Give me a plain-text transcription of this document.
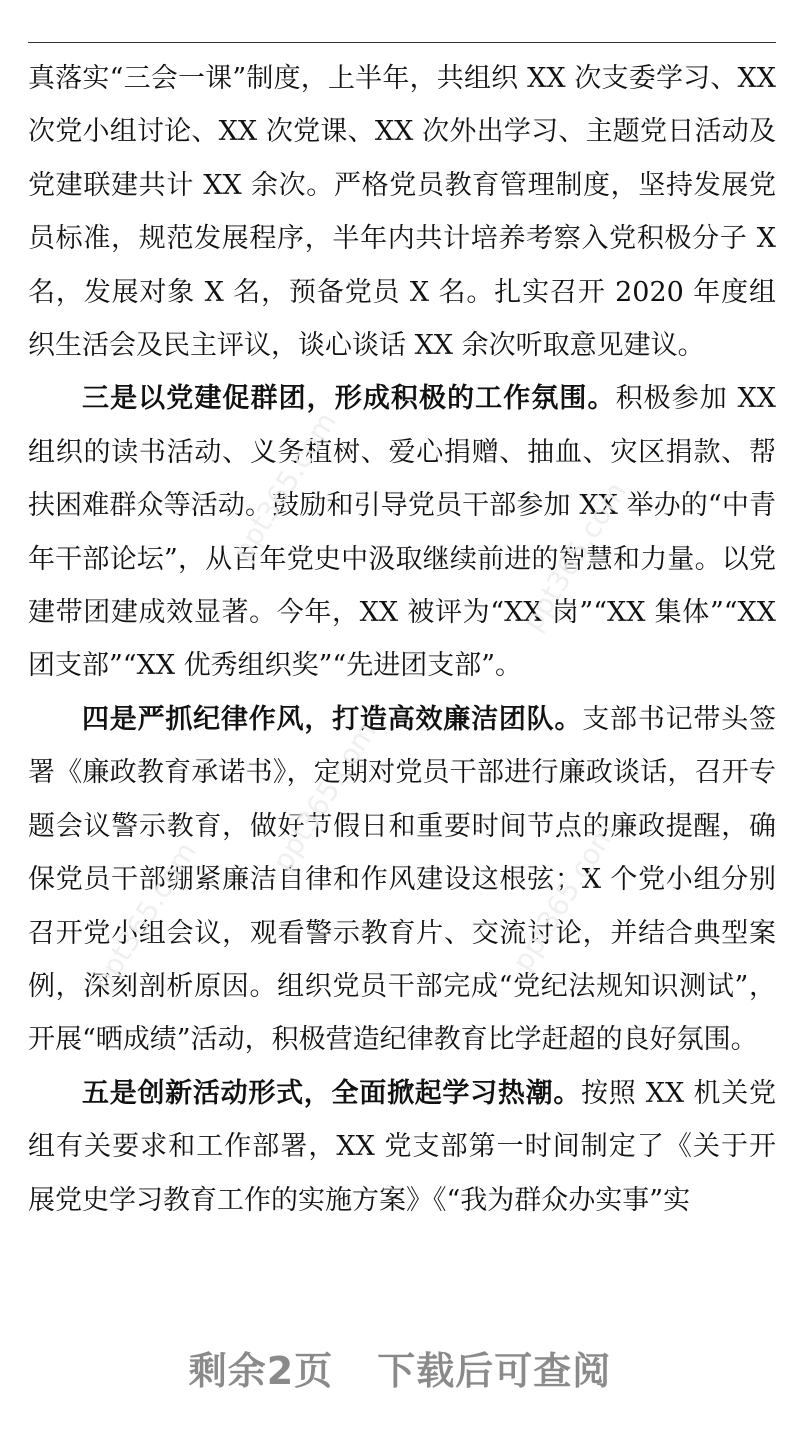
真落实“三会一课”制度，上半年，共组织 XX 次支委学习、XX 次党小组讨论、XX 次党课、XX 次外出学习、主题党日活动及党建联建共计 XX 余次。严格党员教育管理制度，坚持发展党员标准，规范发展程序，半年内共计培养考察入党积极分子 X 名，发展对象 X 名，预备党员 X 名。扎实召开 2020 年度组织生活会及民主评议，谈心谈话 XX 余次听取意见建议。

三是以党建促群团，形成积极的工作氛围。积极参加 XX 组织的读书活动、义务植树、爱心捐赠、抽血、灾区捐款、帮扶困难群众等活动。鼓励和引导党员干部参加 XX 举办的“中青年干部论坛”，从百年党史中汲取继续前进的智慧和力量。以党建带团建成效显著。今年，XX 被评为“XX 岗”“XX 集体”“XX 团支部”“XX 优秀组织奖”“先进团支部”。

四是严抓纪律作风，打造高效廉洁团队。支部书记带头签署《廉政教育承诺书》，定期对党员干部进行廉政谈话，召开专题会议警示教育，做好节假日和重要时间节点的廉政提醒，确保党员干部绷紧廉洁自律和作风建设这根弦；X 个党小组分别召开党小组会议，观看警示教育片、交流讨论，并结合典型案例，深刻剖析原因。组织党员干部完成“党纪法规知识测试”，开展“晒成绩”活动，积极营造纪律教育比学赶超的良好氛围。

五是创新活动形式，全面掀起学习热潮。按照 XX 机关党组有关要求和工作部署，XX 党支部第一时间制定了《关于开展党史学习教育工作的实施方案》《“我为群众办实事”实

ppt365.com	ppt365.com
ppt365.com
ppt365.com	ppt365.com
剩余2页 下载后可查阅
